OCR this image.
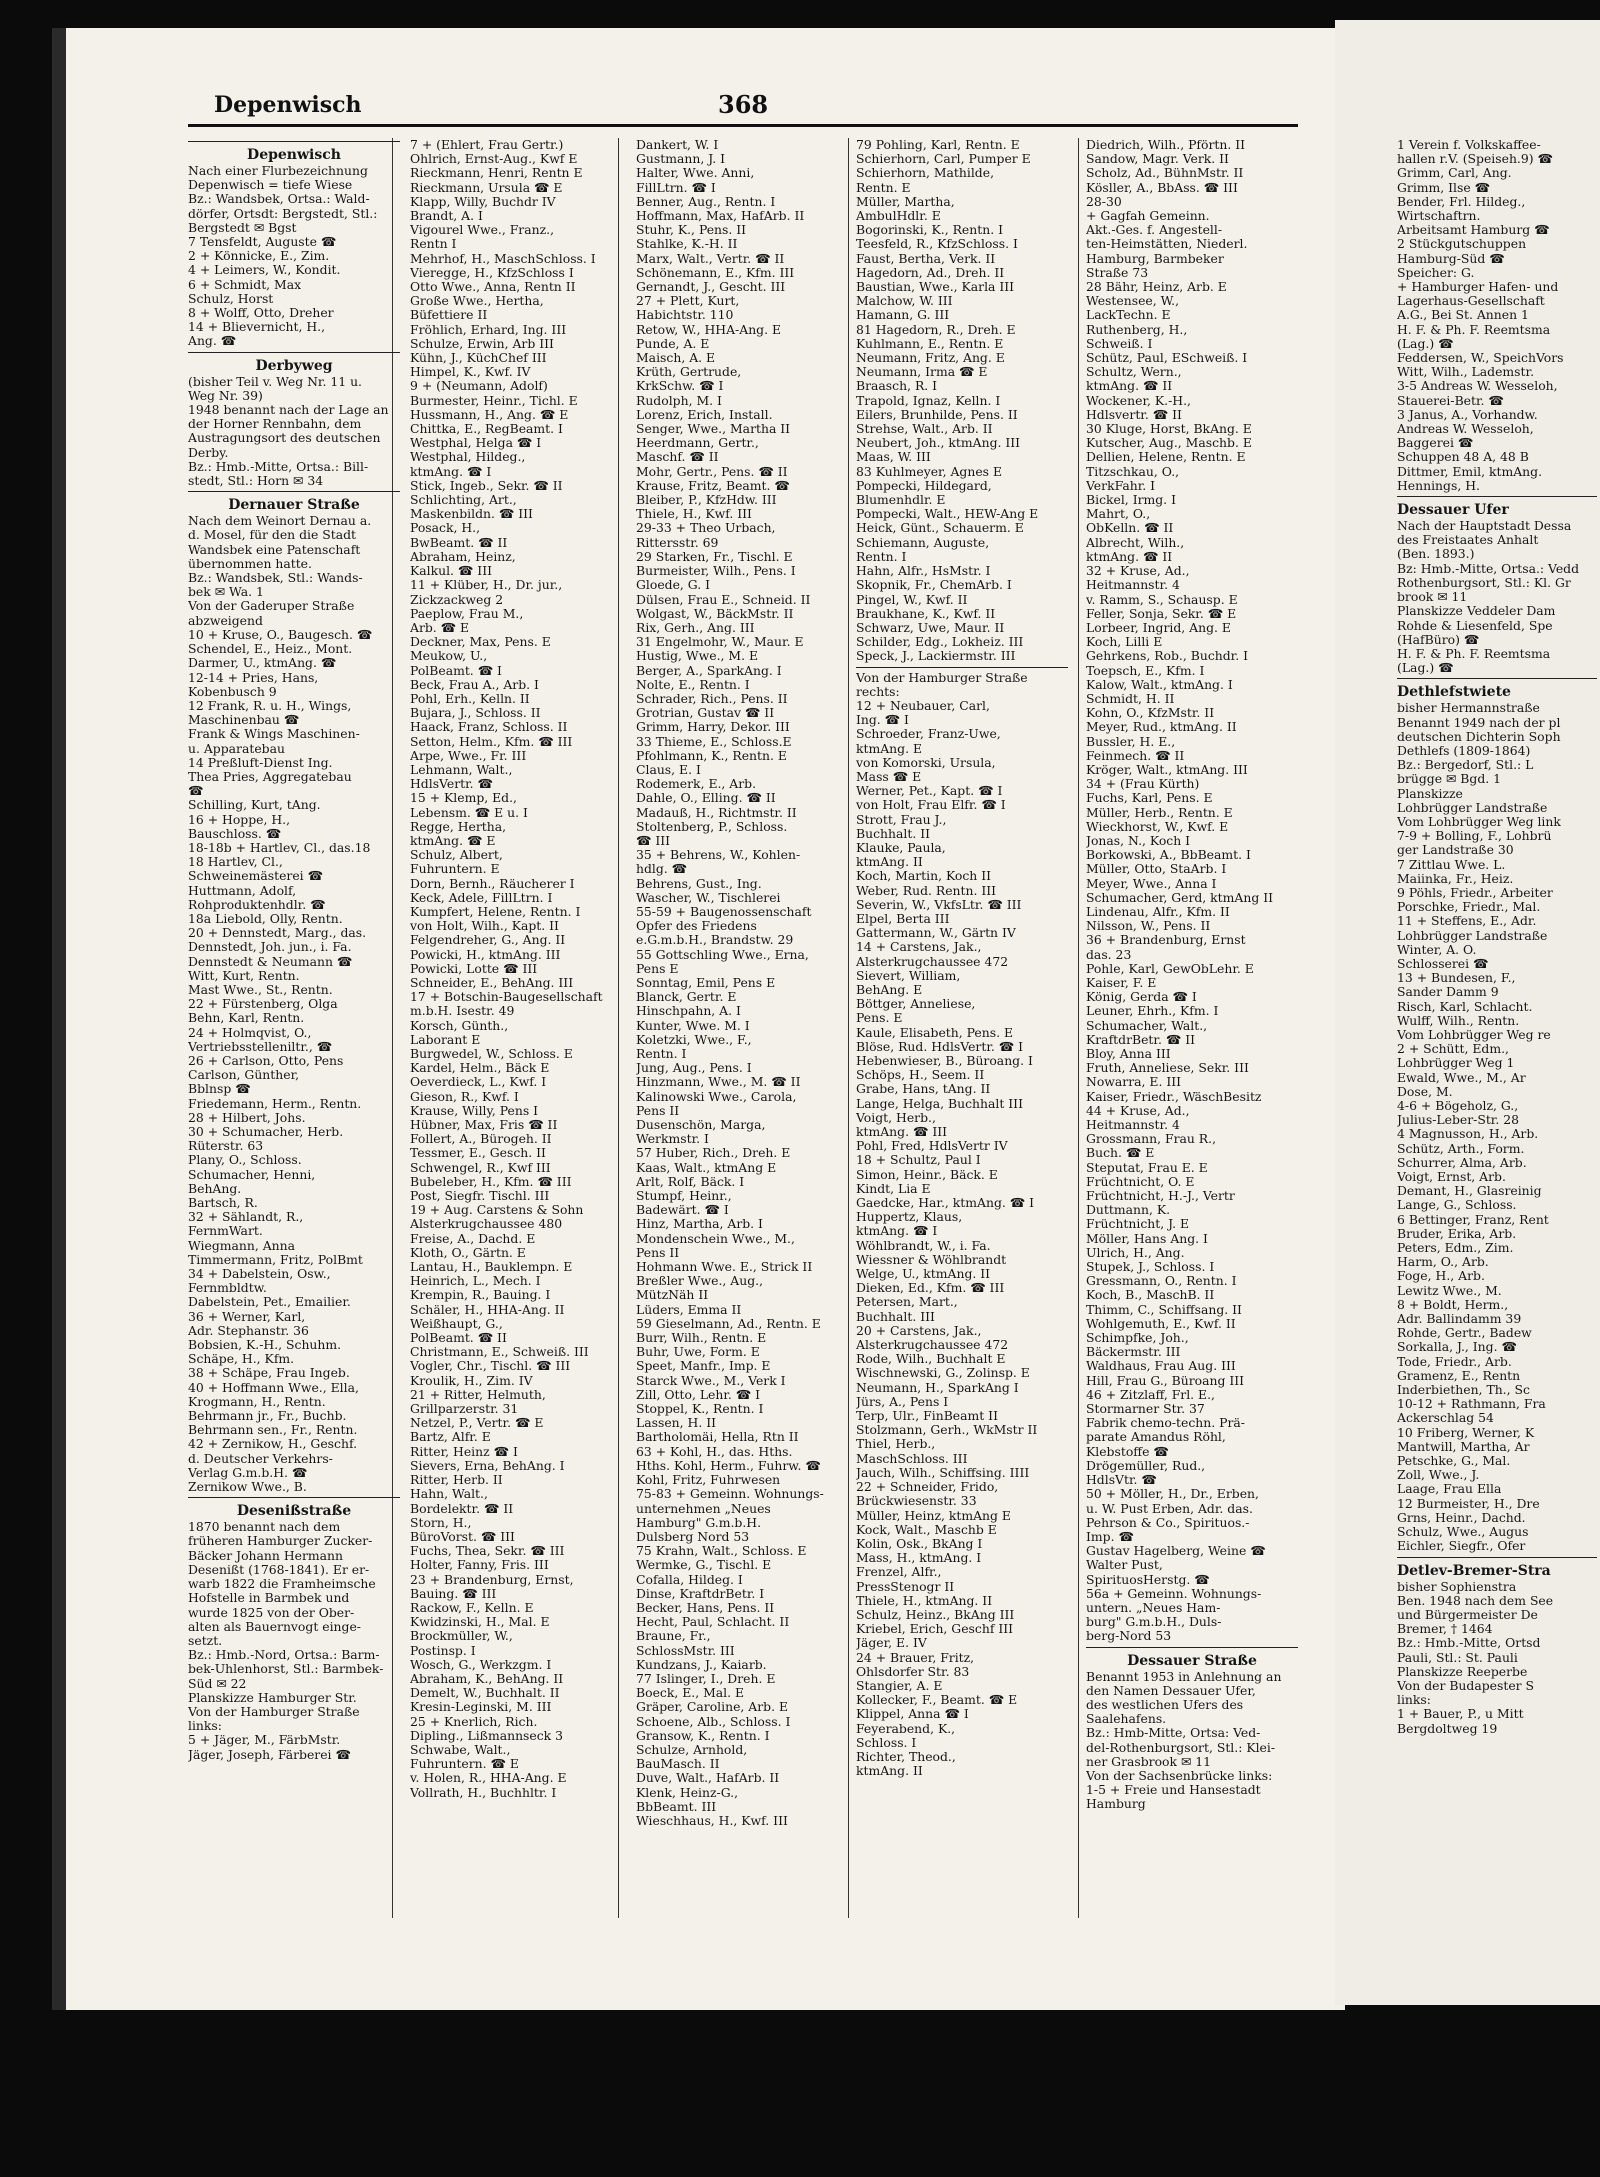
Depenwisch	368
Depenwisch
Nach einer Flurbezeichnung
Depenwisch = tiefe Wiese
Bz.: Wandsbek, Ortsa.: Wald-
dörfer, Ortsdt: Bergstedt, Stl.:
Bergstedt ✉ Bgst
7 Tensfeldt, Auguste ☎
2 + Könnicke, E., Zim.
4 + Leimers, W., Kondit.
6 + Schmidt, Max
Schulz, Horst
8 + Wolff, Otto, Dreher
14 + Blievernicht, H.,
Ang. ☎
Derbyweg
(bisher Teil v. Weg Nr. 11 u.
Weg Nr. 39)
1948 benannt nach der Lage an
der Horner Rennbahn, dem
Austragungsort des deutschen
Derby.
Bz.: Hmb.-Mitte, Ortsa.: Bill-
stedt, Stl.: Horn ✉ 34
Dernauer Straße
Nach dem Weinort Dernau a.
d. Mosel, für den die Stadt
Wandsbek eine Patenschaft
übernommen hatte.
Bz.: Wandsbek, Stl.: Wands-
bek ✉ Wa. 1
Von der Gaderuper Straße
abzweigend
10 + Kruse, O., Baugesch. ☎
Schendel, E., Heiz., Mont.
Darmer, U., ktmAng. ☎
12-14 + Pries, Hans,
Kobenbusch 9
12 Frank, R. u. H., Wings,
Maschinenbau ☎
Frank & Wings Maschinen-
u. Apparatebau
14 Preßluft-Dienst Ing.
Thea Pries, Aggregatebau
☎
Schilling, Kurt, tAng.
16 + Hoppe, H.,
Bauschloss. ☎
18-18b + Hartlev, Cl., das.18
18 Hartlev, Cl.,
Schweinemästerei ☎
Huttmann, Adolf,
Rohproduktenhdlr. ☎
18a Liebold, Olly, Rentn.
20 + Dennstedt, Marg., das.
Dennstedt, Joh. jun., i. Fa.
Dennstedt & Neumann ☎
Witt, Kurt, Rentn.
Mast Wwe., St., Rentn.
22 + Fürstenberg, Olga
Behn, Karl, Rentn.
24 + Holmqvist, O.,
Vertriebsstelleniltr., ☎
26 + Carlson, Otto, Pens
Carlson, Günther,
Bblnsp ☎
Friedemann, Herm., Rentn.
28 + Hilbert, Johs.
30 + Schumacher, Herb.
Rüterstr. 63
Plany, O., Schloss.
Schumacher, Henni,
BehAng.
Bartsch, R.
32 + Sählandt, R.,
FernmWart.
Wiegmann, Anna
Timmermann, Fritz, PolBmt
34 + Dabelstein, Osw.,
Fernmbldtw.
Dabelstein, Pet., Emailier.
36 + Werner, Karl,
Adr. Stephanstr. 36
Bobsien, K.-H., Schuhm.
Schäpe, H., Kfm.
38 + Schäpe, Frau Ingeb.
40 + Hoffmann Wwe., Ella,
Krogmann, H., Rentn.
Behrmann jr., Fr., Buchb.
Behrmann sen., Fr., Rentn.
42 + Zernikow, H., Geschf.
d. Deutscher Verkehrs-
Verlag G.m.b.H. ☎
Zernikow Wwe., B.
Desenißstraße
1870 benannt nach dem
früheren Hamburger Zucker-
Bäcker Johann Hermann
Desenißt (1768-1841). Er er-
warb 1822 die Framheimsche
Hofstelle in Barmbek und
wurde 1825 von der Ober-
alten als Bauernvogt einge-
setzt.
Bz.: Hmb.-Nord, Ortsa.: Barm-
bek-Uhlenhorst, Stl.: Barmbek-
Süd ✉ 22
Planskizze Hamburger Str.
Von der Hamburger Straße
links:
5 + Jäger, M., FärbMstr.
Jäger, Joseph, Färberei ☎
7 + (Ehlert, Frau Gertr.)
Ohlrich, Ernst-Aug., Kwf E
Rieckmann, Henri, Rentn E
Rieckmann, Ursula ☎ E
Klapp, Willy, Buchdr IV
Brandt, A. I
Vigourel Wwe., Franz.,
Rentn I
Mehrhof, H., MaschSchloss. I
Vieregge, H., KfzSchloss I
Otto Wwe., Anna, Rentn II
Große Wwe., Hertha,
Büfettiere II
Fröhlich, Erhard, Ing. III
Schulze, Erwin, Arb III
Kühn, J., KüchChef III
Himpel, K., Kwf. IV
9 + (Neumann, Adolf)
Burmester, Heinr., Tichl. E
Hussmann, H., Ang. ☎ E
Chittka, E., RegBeamt. I
Westphal, Helga ☎ I
Westphal, Hildeg.,
ktmAng. ☎ I
Stick, Ingeb., Sekr. ☎ II
Schlichting, Art.,
Maskenbildn. ☎ III
Posack, H.,
BwBeamt. ☎ II
Abraham, Heinz,
Kalkul. ☎ III
11 + Klüber, H., Dr. jur.,
Zickzackweg 2
Paeplow, Frau M.,
Arb. ☎ E
Deckner, Max, Pens. E
Meukow, U.,
PolBeamt. ☎ I
Beck, Frau A., Arb. I
Pohl, Erh., Kelln. II
Bujara, J., Schloss. II
Haack, Franz, Schloss. II
Setton, Helm., Kfm. ☎ III
Arpe, Wwe., Fr. III
Lehmann, Walt.,
HdlsVertr. ☎
15 + Klemp, Ed.,
Lebensm. ☎ E u. I
Regge, Hertha,
ktmAng. ☎ E
Schulz, Albert,
Fuhruntern. E
Dorn, Bernh., Räucherer I
Keck, Adele, FillLtrn. I
Kumpfert, Helene, Rentn. I
von Holt, Wilh., Kapt. II
Felgendreher, G., Ang. II
Powicki, H., ktmAng. III
Powicki, Lotte ☎ III
Schneider, E., BehAng. III
17 + Botschin-Baugesellschaft
m.b.H. Isestr. 49
Korsch, Günth.,
Laborant E
Burgwedel, W., Schloss. E
Kardel, Helm., Bäck E
Oeverdieck, L., Kwf. I
Gieson, R., Kwf. I
Krause, Willy, Pens I
Hübner, Max, Fris ☎ II
Follert, A., Bürogeh. II
Tessmer, E., Gesch. II
Schwengel, R., Kwf III
Bubeleber, H., Kfm. ☎ III
Post, Siegfr. Tischl. III
19 + Aug. Carstens & Sohn
Alsterkrugchaussee 480
Freise, A., Dachd. E
Kloth, O., Gärtn. E
Lantau, H., Bauklempn. E
Heinrich, L., Mech. I
Krempin, R., Bauing. I
Schäler, H., HHA-Ang. II
Weißhaupt, G.,
PolBeamt. ☎ II
Christmann, E., Schweiß. III
Vogler, Chr., Tischl. ☎ III
Kroulik, H., Zim. IV
21 + Ritter, Helmuth,
Grillparzerstr. 31
Netzel, P., Vertr. ☎ E
Bartz, Alfr. E
Ritter, Heinz ☎ I
Sievers, Erna, BehAng. I
Ritter, Herb. II
Hahn, Walt.,
Bordelektr. ☎ II
Storn, H.,
BüroVorst. ☎ III
Fuchs, Thea, Sekr. ☎ III
Holter, Fanny, Fris. III
23 + Brandenburg, Ernst,
Bauing. ☎ III
Rackow, F., Kelln. E
Kwidzinski, H., Mal. E
Brockmüller, W.,
Postinsp. I
Wosch, G., Werkzgm. I
Abraham, K., BehAng. II
Demelt, W., Buchhalt. II
Kresin-Leginski, M. III
25 + Knerlich, Rich.
Dipling., Lißmannseck 3
Schwabe, Walt.,
Fuhruntern. ☎ E
v. Holen, R., HHA-Ang. E
Vollrath, H., Buchhltr. I
Dankert, W. I
Gustmann, J. I
Halter, Wwe. Anni,
FillLtrn. ☎ I
Benner, Aug., Rentn. I
Hoffmann, Max, HafArb. II
Stuhr, K., Pens. II
Stahlke, K.-H. II
Marx, Walt., Vertr. ☎ II
Schönemann, E., Kfm. III
Gernandt, J., Gescht. III
27 + Plett, Kurt,
Habichtstr. 110
Retow, W., HHA-Ang. E
Punde, A. E
Maisch, A. E
Krüth, Gertrude,
KrkSchw. ☎ I
Rudolph, M. I
Lorenz, Erich, Install.
Senger, Wwe., Martha II
Heerdmann, Gertr.,
Maschf. ☎ II
Mohr, Gertr., Pens. ☎ II
Krause, Fritz, Beamt. ☎
Bleiber, P., KfzHdw. III
Thiele, H., Kwf. III
29-33 + Theo Urbach,
Rittersstr. 69
29 Starken, Fr., Tischl. E
Burmeister, Wilh., Pens. I
Gloede, G. I
Dülsen, Frau E., Schneid. II
Wolgast, W., BäckMstr. II
Rix, Gerh., Ang. III
31 Engelmohr, W., Maur. E
Hustig, Wwe., M. E
Berger, A., SparkAng. I
Nolte, E., Rentn. I
Schrader, Rich., Pens. II
Grotrian, Gustav ☎ II
Grimm, Harry, Dekor. III
33 Thieme, E., Schloss.E
Pfohlmann, K., Rentn. E
Claus, E. I
Rodemerk, E., Arb.
Dahle, O., Elling. ☎ II
Madauß, H., Richtmstr. II
Stoltenberg, P., Schloss.
☎ III
35 + Behrens, W., Kohlen-
hdlg. ☎
Behrens, Gust., Ing.
Wascher, W., Tischlerei
55-59 + Baugenossenschaft
Opfer des Friedens
e.G.m.b.H., Brandstw. 29
55 Gottschling Wwe., Erna,
Pens E
Sonntag, Emil, Pens E
Blanck, Gertr. E
Hinschpahn, A. I
Kunter, Wwe. M. I
Koletzki, Wwe., F.,
Rentn. I
Jung, Aug., Pens. I
Hinzmann, Wwe., M. ☎ II
Kalinowski Wwe., Carola,
Pens II
Dusenschön, Marga,
Werkmstr. I
57 Huber, Rich., Dreh. E
Kaas, Walt., ktmAng E
Arlt, Rolf, Bäck. I
Stumpf, Heinr.,
Badewärt. ☎ I
Hinz, Martha, Arb. I
Mondenschein Wwe., M.,
Pens II
Hohmann Wwe. E., Strick II
Breßler Wwe., Aug.,
MützNäh II
Lüders, Emma II
59 Gieselmann, Ad., Rentn. E
Burr, Wilh., Rentn. E
Buhr, Uwe, Form. E
Speet, Manfr., Imp. E
Starck Wwe., M., Verk I
Zill, Otto, Lehr. ☎ I
Stoppel, K., Rentn. I
Lassen, H. II
Bartholomäi, Hella, Rtn II
63 + Kohl, H., das. Hths.
Hths. Kohl, Herm., Fuhrw. ☎
Kohl, Fritz, Fuhrwesen
75-83 + Gemeinn. Wohnungs-
unternehmen „Neues
Hamburg" G.m.b.H.
Dulsberg Nord 53
75 Krahn, Walt., Schloss. E
Wermke, G., Tischl. E
Cofalla, Hildeg. I
Dinse, KraftdrBetr. I
Becker, Hans, Pens. II
Hecht, Paul, Schlacht. II
Braune, Fr.,
SchlossMstr. III
Kundzans, J., Kaiarb.
77 Islinger, I., Dreh. E
Boeck, E., Mal. E
Gräper, Caroline, Arb. E
Schoene, Alb., Schloss. I
Gransow, K., Rentn. I
Schulze, Arnhold,
BauMasch. II
Duve, Walt., HafArb. II
Klenk, Heinz-G.,
BbBeamt. III
Wieschhaus, H., Kwf. III
79 Pohling, Karl, Rentn. E
Schierhorn, Carl, Pumper E
Schierhorn, Mathilde,
Rentn. E
Müller, Martha,
AmbulHdlr. E
Bogorinski, K., Rentn. I
Teesfeld, R., KfzSchloss. I
Faust, Bertha, Verk. II
Hagedorn, Ad., Dreh. II
Baustian, Wwe., Karla III
Malchow, W. III
Hamann, G. III
81 Hagedorn, R., Dreh. E
Kuhlmann, E., Rentn. E
Neumann, Fritz, Ang. E
Neumann, Irma ☎ E
Braasch, R. I
Trapold, Ignaz, Kelln. I
Eilers, Brunhilde, Pens. II
Strehse, Walt., Arb. II
Neubert, Joh., ktmAng. III
Maas, W. III
83 Kuhlmeyer, Agnes E
Pompecki, Hildegard,
Blumenhdlr. E
Pompecki, Walt., HEW-Ang E
Heick, Günt., Schauerm. E
Schiemann, Auguste,
Rentn. I
Hahn, Alfr., HsMstr. I
Skopnik, Fr., ChemArb. I
Pingel, W., Kwf. II
Braukhane, K., Kwf. II
Schwarz, Uwe, Maur. II
Schilder, Edg., Lokheiz. III
Speck, J., Lackiermstr. III
Von der Hamburger Straße
rechts:
12 + Neubauer, Carl,
Ing. ☎ I
Schroeder, Franz-Uwe,
ktmAng. E
von Komorski, Ursula,
Mass ☎ E
Werner, Pet., Kapt. ☎ I
von Holt, Frau Elfr. ☎ I
Strott, Frau J.,
Buchhalt. II
Klauke, Paula,
ktmAng. II
Koch, Martin, Koch II
Weber, Rud. Rentn. III
Severin, W., VkfsLtr. ☎ III
Elpel, Berta III
Gattermann, W., Gärtn IV
14 + Carstens, Jak.,
Alsterkrugchaussee 472
Sievert, William,
BehAng. E
Böttger, Anneliese,
Pens. E
Kaule, Elisabeth, Pens. E
Blöse, Rud. HdlsVertr. ☎ I
Hebenwieser, B., Büroang. I
Schöps, H., Seem. II
Grabe, Hans, tAng. II
Lange, Helga, Buchhalt III
Voigt, Herb.,
ktmAng. ☎ III
Pohl, Fred, HdlsVertr IV
18 + Schultz, Paul I
Simon, Heinr., Bäck. E
Kindt, Lia E
Gaedcke, Har., ktmAng. ☎ I
Huppertz, Klaus,
ktmAng. ☎ I
Wöhlbrandt, W., i. Fa.
Wiessner & Wöhlbrandt
Welge, U., ktmAng. II
Dieken, Ed., Kfm. ☎ III
Petersen, Mart.,
Buchhalt. III
20 + Carstens, Jak.,
Alsterkrugchaussee 472
Rode, Wilh., Buchhalt E
Wischnewski, G., Zolinsp. E
Neumann, H., SparkAng I
Jürs, A., Pens I
Terp, Ulr., FinBeamt II
Stolzmann, Gerh., WkMstr II
Thiel, Herb.,
MaschSchloss. III
Jauch, Wilh., Schiffsing. IIII
22 + Schneider, Frido,
Brückwiesenstr. 33
Müller, Heinz, ktmAng E
Kock, Walt., Maschb E
Kolin, Osk., BkAng I
Mass, H., ktmAng. I
Frenzel, Alfr.,
PressStenogr II
Thiele, H., ktmAng. II
Schulz, Heinz., BkAng III
Kriebel, Erich, Geschf III
Jäger, E. IV
24 + Brauer, Fritz,
Ohlsdorfer Str. 83
Stangier, A. E
Kollecker, F., Beamt. ☎ E
Klippel, Anna ☎ I
Feyerabend, K.,
Schloss. I
Richter, Theod.,
ktmAng. II
Diedrich, Wilh., Pförtn. II
Sandow, Magr. Verk. II
Scholz, Ad., BühnMstr. II
Kösller, A., BbAss. ☎ III
28-30
+ Gagfah Gemeinn.
Akt.-Ges. f. Angestell-
ten-Heimstätten, Niederl.
Hamburg, Barmbeker
Straße 73
28 Bähr, Heinz, Arb. E
Westensee, W.,
LackTechn. E
Ruthenberg, H.,
Schweiß. I
Schütz, Paul, ESchweiß. I
Schultz, Wern.,
ktmAng. ☎ II
Wockener, K.-H.,
Hdlsvertr. ☎ II
30 Kluge, Horst, BkAng. E
Kutscher, Aug., Maschb. E
Dellien, Helene, Rentn. E
Titzschkau, O.,
VerkFahr. I
Bickel, Irmg. I
Mahrt, O.,
ObKelln. ☎ II
Albrecht, Wilh.,
ktmAng. ☎ II
32 + Kruse, Ad.,
Heitmannstr. 4
v. Ramm, S., Schausp. E
Feller, Sonja, Sekr. ☎ E
Lorbeer, Ingrid, Ang. E
Koch, Lilli E
Gehrkens, Rob., Buchdr. I
Toepsch, E., Kfm. I
Kalow, Walt., ktmAng. I
Schmidt, H. II
Kohn, O., KfzMstr. II
Meyer, Rud., ktmAng. II
Bussler, H. E.,
Feinmech. ☎ II
Kröger, Walt., ktmAng. III
34 + (Frau Kürth)
Fuchs, Karl, Pens. E
Müller, Herb., Rentn. E
Wieckhorst, W., Kwf. E
Jonas, N., Koch I
Borkowski, A., BbBeamt. I
Müller, Otto, StaArb. I
Meyer, Wwe., Anna I
Schumacher, Gerd, ktmAng II
Lindenau, Alfr., Kfm. II
Nilsson, W., Pens. II
36 + Brandenburg, Ernst
das. 23
Pohle, Karl, GewObLehr. E
Kaiser, F. E
König, Gerda ☎ I
Leuner, Ehrh., Kfm. I
Schumacher, Walt.,
KraftdrBetr. ☎ II
Bloy, Anna III
Fruth, Anneliese, Sekr. III
Nowarra, E. III
Kaiser, Friedr., WäschBesitz
44 + Kruse, Ad.,
Heitmannstr. 4
Grossmann, Frau R.,
Buch. ☎ E
Steputat, Frau E. E
Früchtnicht, O. E
Früchtnicht, H.-J., Vertr
Duttmann, K.
Früchtnicht, J. E
Möller, Hans Ang. I
Ulrich, H., Ang.
Stupek, J., Schloss. I
Gressmann, O., Rentn. I
Koch, B., MaschB. II
Thimm, C., Schiffsang. II
Wohlgemuth, E., Kwf. II
Schimpfke, Joh.,
Bäckermstr. III
Waldhaus, Frau Aug. III
Hill, Frau G., Büroang III
46 + Zitzlaff, Frl. E.,
Stormarner Str. 37
Fabrik chemo-techn. Prä-
parate Amandus Röhl,
Klebstoffe ☎
Drögemüller, Rud.,
HdlsVtr. ☎
50 + Möller, H., Dr., Erben,
u. W. Pust Erben, Adr. das.
Pehrson & Co., Spirituos.-
Imp. ☎
Gustav Hagelberg, Weine ☎
Walter Pust,
SpirituosHerstg. ☎
56a + Gemeinn. Wohnungs-
untern. „Neues Ham-
burg" G.m.b.H., Duls-
berg-Nord 53
Dessauer Straße
Benannt 1953 in Anlehnung an
den Namen Dessauer Ufer,
des westlichen Ufers des
Saalehafens.
Bz.: Hmb-Mitte, Ortsa: Ved-
del-Rothenburgsort, Stl.: Klei-
ner Grasbrook ✉ 11
Von der Sachsenbrücke links:
1-5 + Freie und Hansestadt
Hamburg
1 Verein f. Volkskaffee-
hallen r.V. (Speiseh.9) ☎
Grimm, Carl, Ang.
Grimm, Ilse ☎
Bender, Frl. Hildeg.,
Wirtschaftrn.
Arbeitsamt Hamburg ☎
2 Stückgutschuppen
Hamburg-Süd ☎
Speicher: G.
+ Hamburger Hafen- und
Lagerhaus-Gesellschaft
A.G., Bei St. Annen 1
H. F. & Ph. F. Reemtsma
(Lag.) ☎
Feddersen, W., SpeichVors
Witt, Wilh., Lademstr.
3-5 Andreas W. Wesseloh,
Stauerei-Betr. ☎
3 Janus, A., Vorhandw.
Andreas W. Wesseloh,
Baggerei ☎
Schuppen 48 A, 48 B
Dittmer, Emil, ktmAng.
Hennings, H.
Dessauer Ufer
Nach der Hauptstadt Dessa
des Freistaates Anhalt
(Ben. 1893.)
Bz: Hmb.-Mitte, Ortsa.: Vedd
Rothenburgsort, Stl.: Kl. Gr
brook ✉ 11
Planskizze Veddeler Dam
Rohde & Liesenfeld, Spe
(HafBüro) ☎
H. F. & Ph. F. Reemtsma
(Lag.) ☎
Dethlefstwiete
bisher Hermannstraße
Benannt 1949 nach der pl
deutschen Dichterin Soph
Dethlefs (1809-1864)
Bz.: Bergedorf, Stl.: L
brügge ✉ Bgd. 1
Planskizze
Lohbrügger Landstraße
Vom Lohbrügger Weg link
7-9 + Bolling, F., Lohbrü
ger Landstraße 30
7 Zittlau Wwe. L.
Maiinka, Fr., Heiz.
9 Pöhls, Friedr., Arbeiter
Porschke, Friedr., Mal.
11 + Steffens, E., Adr.
Lohbrügger Landstraße
Winter, A. O.
Schlosserei ☎
13 + Bundesen, F.,
Sander Damm 9
Risch, Karl, Schlacht.
Wulff, Wilh., Rentn.
Vom Lohbrügger Weg re
2 + Schütt, Edm.,
Lohbrügger Weg 1
Ewald, Wwe., M., Ar
Dose, M.
4-6 + Bögeholz, G.,
Julius-Leber-Str. 28
4 Magnusson, H., Arb.
Schütz, Arth., Form.
Schurrer, Alma, Arb.
Voigt, Ernst, Arb.
Demant, H., Glasreinig
Lange, G., Schloss.
6 Bettinger, Franz, Rent
Bruder, Erika, Arb.
Peters, Edm., Zim.
Harm, O., Arb.
Foge, H., Arb.
Lewitz Wwe., M.
8 + Boldt, Herm.,
Adr. Ballindamm 39
Rohde, Gertr., Badew
Sorkalla, J., Ing. ☎
Tode, Friedr., Arb.
Gramenz, E., Rentn
Inderbiethen, Th., Sc
10-12 + Rathmann, Fra
Ackerschlag 54
10 Friberg, Werner, K
Mantwill, Martha, Ar
Petschke, G., Mal.
Zoll, Wwe., J.
Laage, Frau Ella
12 Burmeister, H., Dre
Grns, Heinr., Dachd.
Schulz, Wwe., Augus
Eichler, Siegfr., Ofer
Detlev-Bremer-Stra
bisher Sophienstra
Ben. 1948 nach dem See
und Bürgermeister De
Bremer, † 1464
Bz.: Hmb.-Mitte, Ortsd
Pauli, Stl.: St. Pauli
Planskizze Reeperbe
Von der Budapester S
links:
1 + Bauer, P., u Mitt
Bergdoltweg 19
